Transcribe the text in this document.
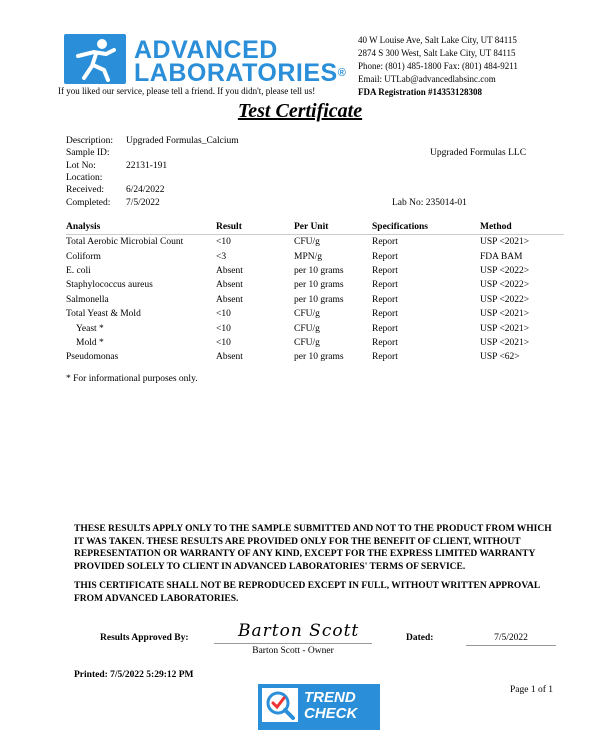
ADVANCED
LABORATORIES®
If you liked our service, please tell a friend. If you didn't, please tell us!
40 W Louise Ave, Salt Lake City, UT 84115
2874 S 300 West, Salt Lake City, UT 84115
Phone: (801) 485-1800 Fax: (801) 484-9211
Email: UTLab@advancedlabsinc.com
FDA Registration #14353128308
Test Certificate
Description: Upgraded Formulas_Calcium
Sample ID:
Lot No:	22131-191
Location:
Received: 6/24/2022
Completed: 7/5/2022
Upgraded Formulas LLC
Lab No: 235014-01
Analysis	Result	Per Unit	Specifications	Method
Total Aerobic Microbial Count	<10	CFU/g	Report	USP <2021>
Coliform	<3	MPN/g	Report	FDA BAM
E. coli	Absent	per 10 grams	Report	USP <2022>
Staphylococcus aureus	Absent	per 10 grams	Report	USP <2022>
Salmonella	Absent	per 10 grams	Report	USP <2022>
Total Yeast & Mold	<10	CFU/g	Report	USP <2021>
Yeast *	<10	CFU/g	Report	USP <2021>
Mold *	<10	CFU/g	Report	USP <2021>
Pseudomonas	Absent	per 10 grams	Report	USP <62>
* For informational purposes only.
THESE RESULTS APPLY ONLY TO THE SAMPLE SUBMITTED AND NOT TO THE PRODUCT FROM WHICH IT WAS TAKEN. THESE RESULTS ARE PROVIDED ONLY FOR THE BENEFIT OF CLIENT, WITHOUT REPRESENTATION OR WARRANTY OF ANY KIND, EXCEPT FOR THE EXPRESS LIMITED WARRANTY PROVIDED SOLELY TO CLIENT IN ADVANCED LABORATORIES' TERMS OF SERVICE.
THIS CERTIFICATE SHALL NOT BE REPRODUCED EXCEPT IN FULL, WITHOUT WRITTEN APPROVAL FROM ADVANCED LABORATORIES.
Results Approved By:	Barton Scott
Barton Scott - Owner
Dated:	7/5/2022
Printed: 7/5/2022 5:29:12 PM
Page 1 of 1
TREND
CHECK
